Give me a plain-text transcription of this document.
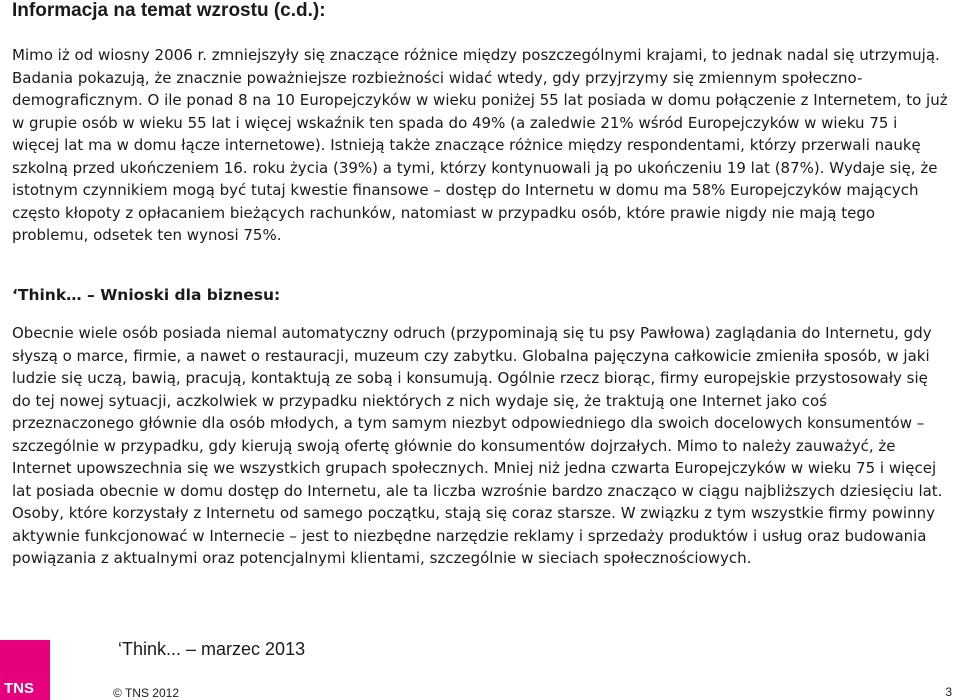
Informacja na temat wzrostu (c.d.):

Mimo iż od wiosny 2006 r. zmniejszyły się znaczące różnice między poszczególnymi krajami, to jednak nadal się utrzymują. Badania pokazują, że znacznie poważniejsze rozbieżności widać wtedy, gdy przyjrzymy się zmiennym społeczno-demograficznym. O ile ponad 8 na 10 Europejczyków w wieku poniżej 55 lat posiada w domu połączenie z Internetem, to już w grupie osób w wieku 55 lat i więcej wskaźnik ten spada do 49% (a zaledwie 21% wśród Europejczyków w wieku 75 i więcej lat ma w domu łącze internetowe). Istnieją także znaczące różnice między respondentami, którzy przerwali naukę szkolną przed ukończeniem 16. roku życia (39%) a tymi, którzy kontynuowali ją po ukończeniu 19 lat (87%). Wydaje się, że istotnym czynnikiem mogą być tutaj kwestie finansowe – dostęp do Internetu w domu ma 58% Europejczyków mających często kłopoty z opłacaniem bieżących rachunków, natomiast w przypadku osób, które prawie nigdy nie mają tego problemu, odsetek ten wynosi 75%.

‘Think… – Wnioski dla biznesu:

Obecnie wiele osób posiada niemal automatyczny odruch (przypominają się tu psy Pawłowa) zaglądania do Internetu, gdy słyszą o marce, firmie, a nawet o restauracji, muzeum czy zabytku. Globalna pajęczyna całkowicie zmieniła sposób, w jaki ludzie się uczą, bawią, pracują, kontaktują ze sobą i konsumują. Ogólnie rzecz biorąc, firmy europejskie przystosowały się do tej nowej sytuacji, aczkolwiek w przypadku niektórych z nich wydaje się, że traktują one Internet jako coś przeznaczonego głównie dla osób młodych, a tym samym niezbyt odpowiedniego dla swoich docelowych konsumentów – szczególnie w przypadku, gdy kierują swoją ofertę głównie do konsumentów dojrzałych. Mimo to należy zauważyć, że Internet upowszechnia się we wszystkich grupach społecznych. Mniej niż jedna czwarta Europejczyków w wieku 75 i więcej lat posiada obecnie w domu dostęp do Internetu, ale ta liczba wzrośnie bardzo znacząco w ciągu najbliższych dziesięciu lat. Osoby, które korzystały z Internetu od samego początku, stają się coraz starsze. W związku z tym wszystkie firmy powinny aktywnie funkcjonować w Internecie – jest to niezbędne narzędzie reklamy i sprzedaży produktów i usług oraz budowania powiązania z aktualnymi oraz potencjalnymi klientami, szczególnie w sieciach społecznościowych.

‘Think... – marzec 2013
TNS	© TNS 2012	3
